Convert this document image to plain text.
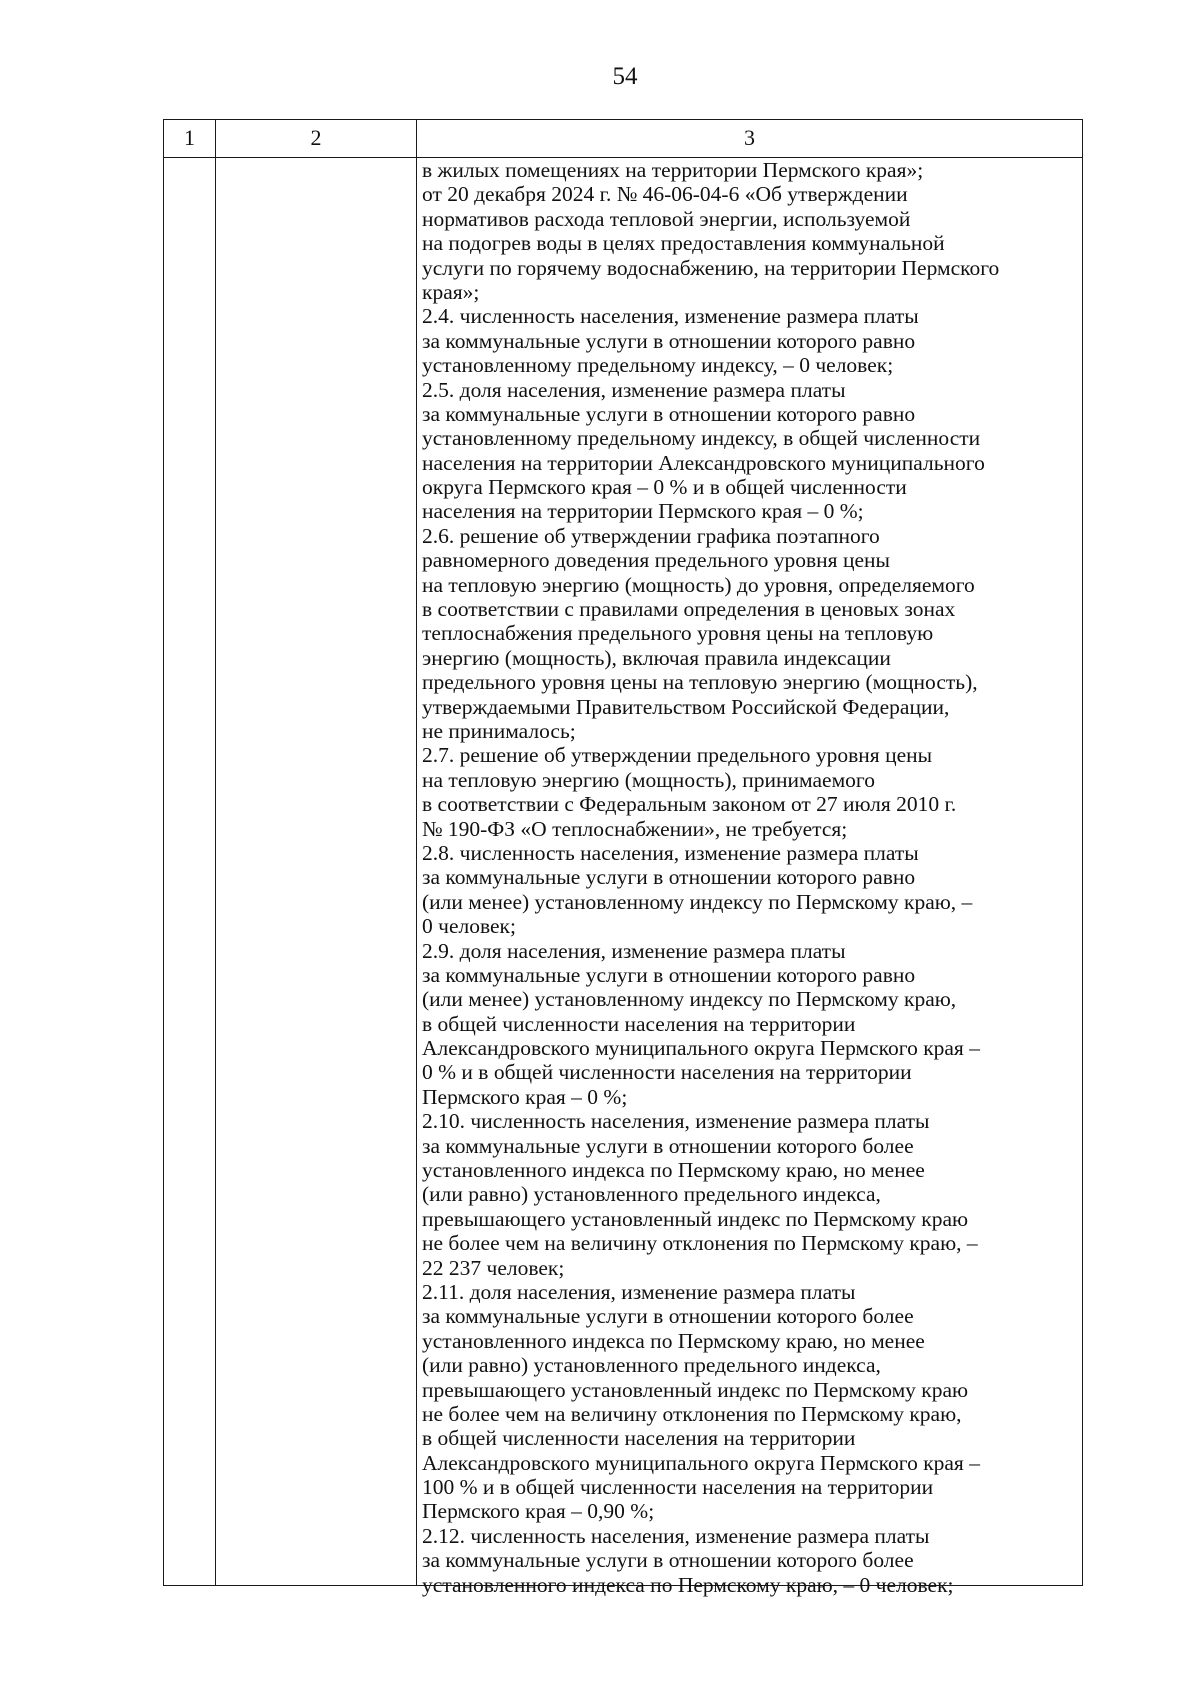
54
1	2	3
в жилых помещениях на территории Пермского края»;
от 20 декабря 2024 г. № 46-06-04-6 «Об утверждении
нормативов расхода тепловой энергии, используемой
на подогрев воды в целях предоставления коммунальной
услуги по горячему водоснабжению, на территории Пермского
края»;
2.4. численность населения, изменение размера платы
за коммунальные услуги в отношении которого равно
установленному предельному индексу, – 0 человек;
2.5. доля населения, изменение размера платы
за коммунальные услуги в отношении которого равно
установленному предельному индексу, в общей численности
населения на территории Александровского муниципального
округа Пермского края – 0 % и в общей численности
населения на территории Пермского края – 0 %;
2.6. решение об утверждении графика поэтапного
равномерного доведения предельного уровня цены
на тепловую энергию (мощность) до уровня, определяемого
в соответствии с правилами определения в ценовых зонах
теплоснабжения предельного уровня цены на тепловую
энергию (мощность), включая правила индексации
предельного уровня цены на тепловую энергию (мощность),
утверждаемыми Правительством Российской Федерации,
не принималось;
2.7. решение об утверждении предельного уровня цены
на тепловую энергию (мощность), принимаемого
в соответствии с Федеральным законом от 27 июля 2010 г.
№ 190-ФЗ «О теплоснабжении», не требуется;
2.8. численность населения, изменение размера платы
за коммунальные услуги в отношении которого равно
(или менее) установленному индексу по Пермскому краю, –
0 человек;
2.9. доля населения, изменение размера платы
за коммунальные услуги в отношении которого равно
(или менее) установленному индексу по Пермскому краю,
в общей численности населения на территории
Александровского муниципального округа Пермского края –
0 % и в общей численности населения на территории
Пермского края – 0 %;
2.10. численность населения, изменение размера платы
за коммунальные услуги в отношении которого более
установленного индекса по Пермскому краю, но менее
(или равно) установленного предельного индекса,
превышающего установленный индекс по Пермскому краю
не более чем на величину отклонения по Пермскому краю, –
22 237 человек;
2.11. доля населения, изменение размера платы
за коммунальные услуги в отношении которого более
установленного индекса по Пермскому краю, но менее
(или равно) установленного предельного индекса,
превышающего установленный индекс по Пермскому краю
не более чем на величину отклонения по Пермскому краю,
в общей численности населения на территории
Александровского муниципального округа Пермского края –
100 % и в общей численности населения на территории
Пермского края – 0,90 %;
2.12. численность населения, изменение размера платы
за коммунальные услуги в отношении которого более
установленного индекса по Пермскому краю, – 0 человек;
